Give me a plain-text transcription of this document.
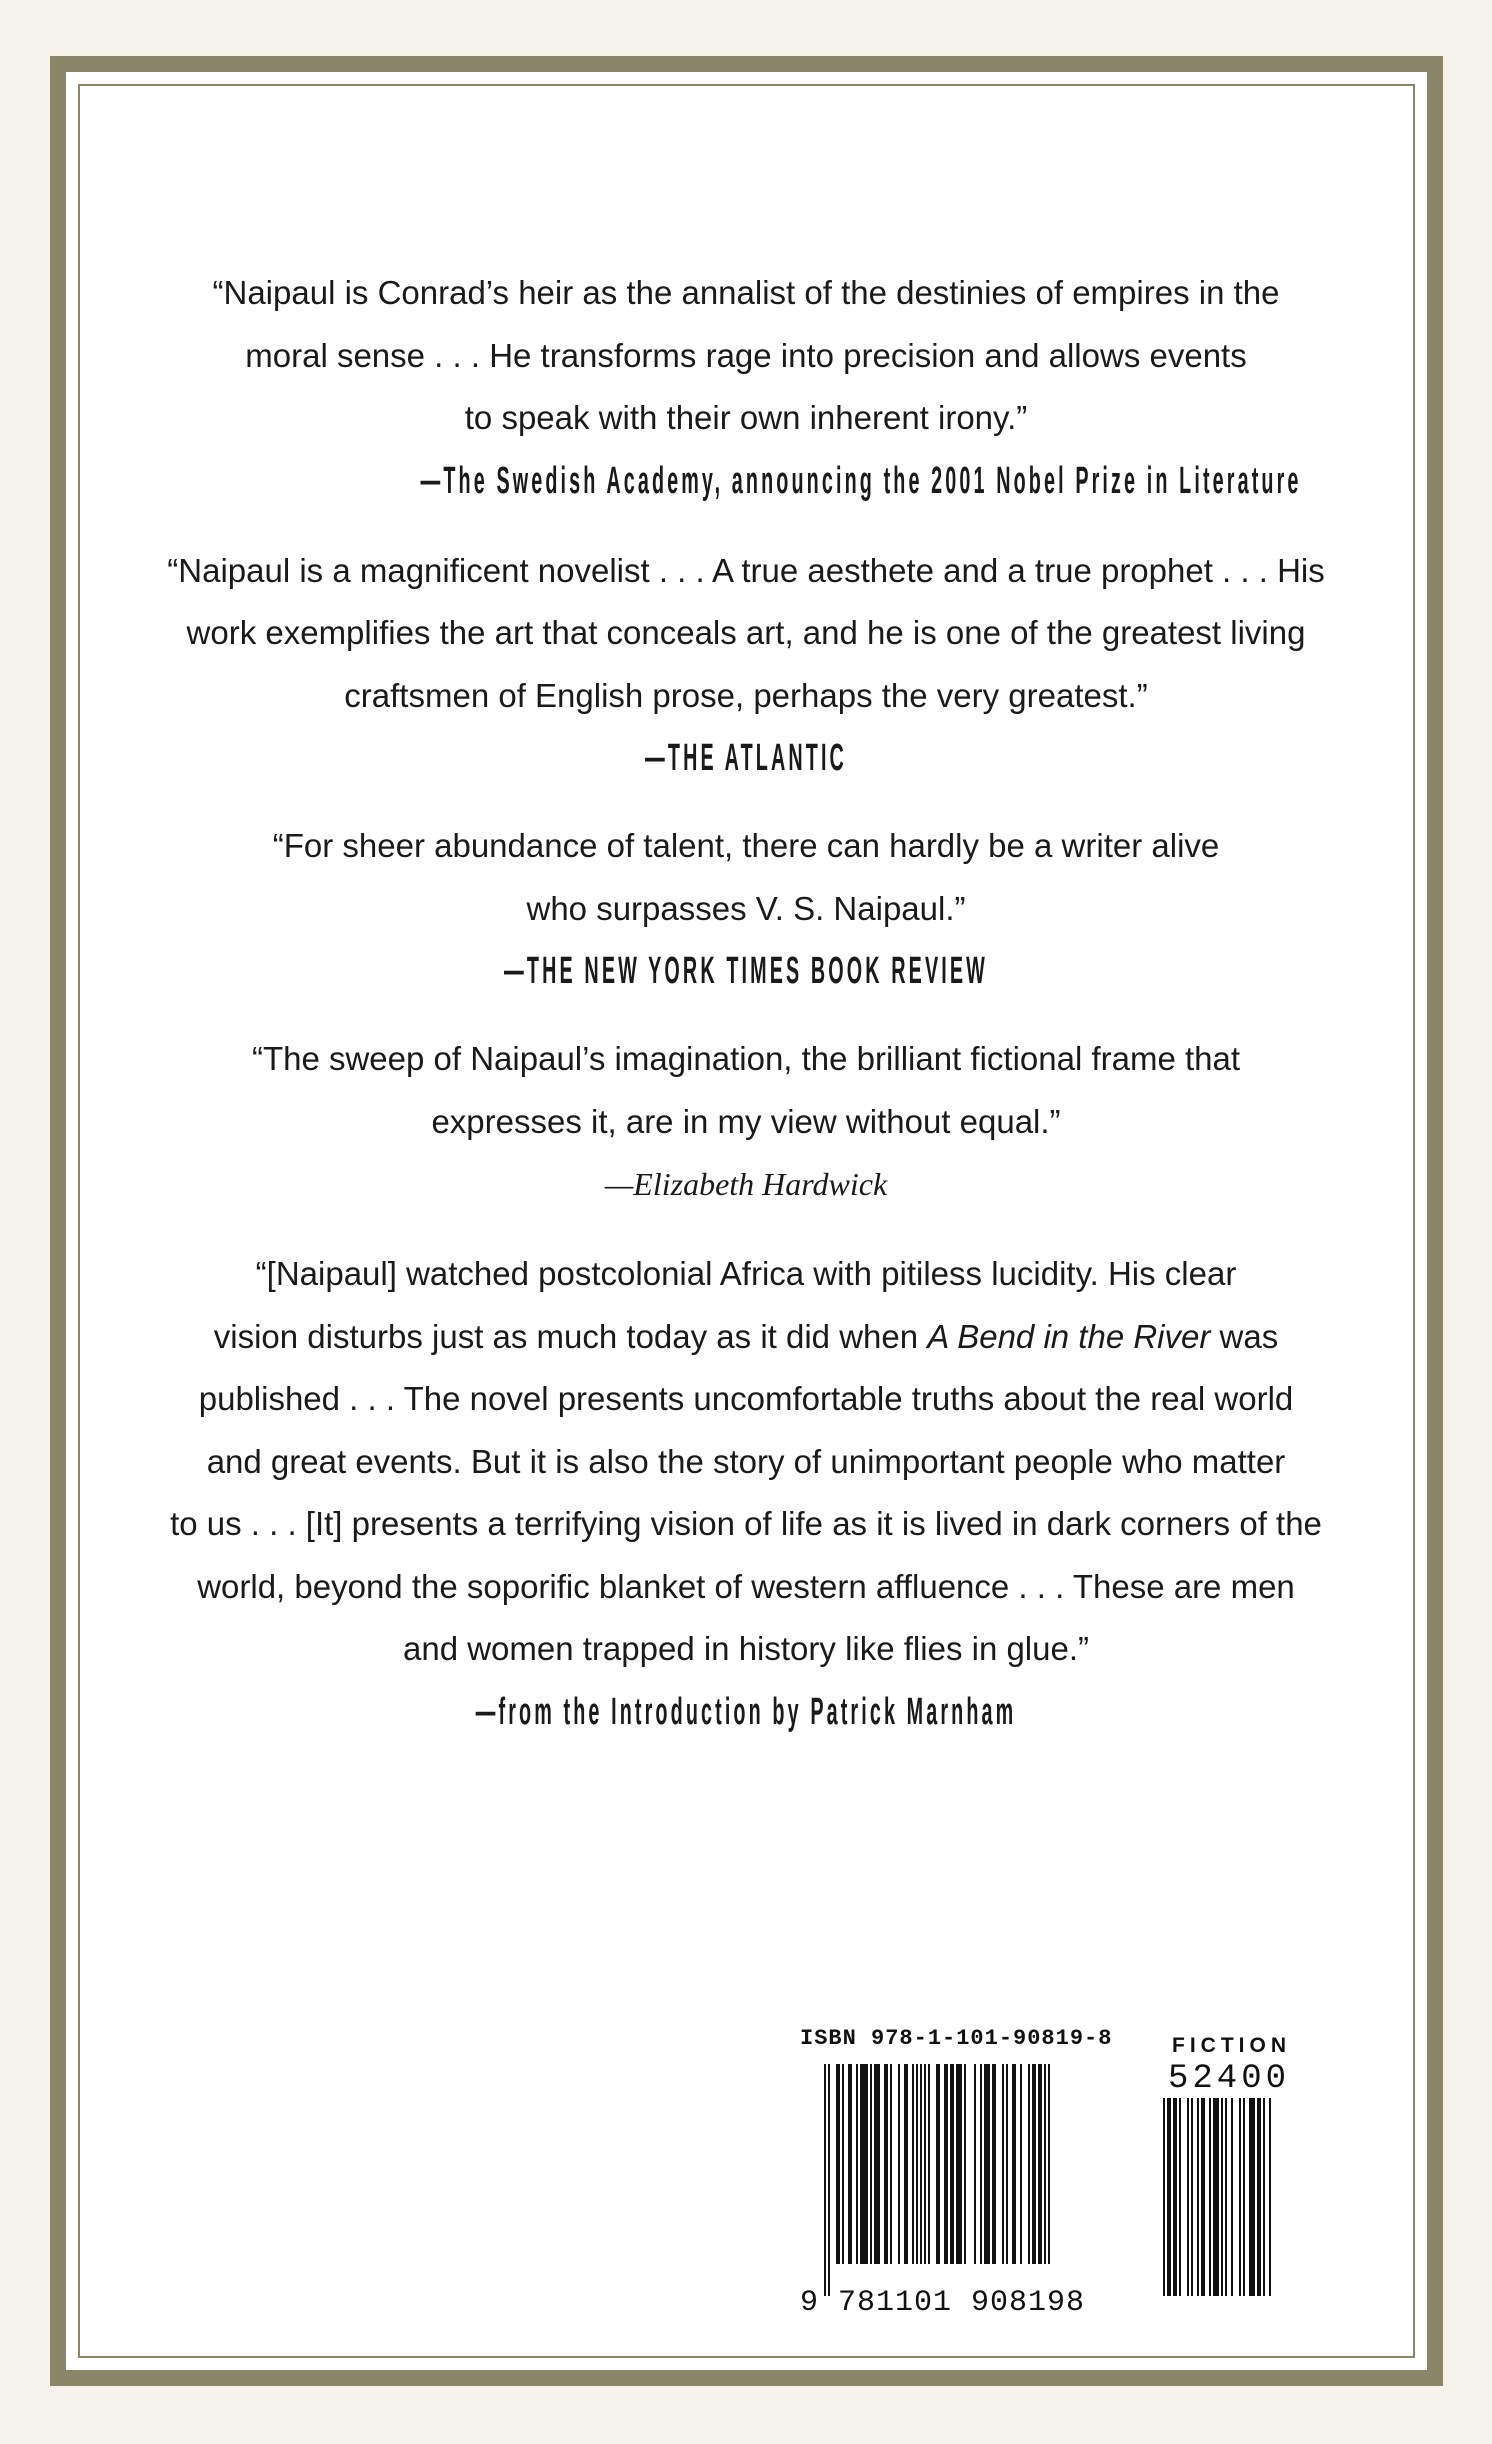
“Naipaul is Conrad’s heir as the annalist of the destinies of empires in the

moral sense . . . He transforms rage into precision and allows events

to speak with their own inherent irony.”

—The Swedish Academy, announcing the 2001 Nobel Prize in Literature

“Naipaul is a magnificent novelist . . . A true aesthete and a true prophet . . . His

work exemplifies the art that conceals art, and he is one of the greatest living

craftsmen of English prose, perhaps the very greatest.”

—THE ATLANTIC

“For sheer abundance of talent, there can hardly be a writer alive

who surpasses V. S. Naipaul.”

—THE NEW YORK TIMES BOOK REVIEW

“The sweep of Naipaul’s imagination, the brilliant fictional frame that

expresses it, are in my view without equal.”

—Elizabeth Hardwick

“[Naipaul] watched postcolonial Africa with pitiless lucidity. His clear

vision disturbs just as much today as it did when A Bend in the River was

published . . . The novel presents uncomfortable truths about the real world

and great events. But it is also the story of unimportant people who matter

to us . . . [It] presents a terrifying vision of life as it is lived in dark corners of the

world, beyond the soporific blanket of western affluence . . . These are men

and women trapped in history like flies in glue.”

—from the Introduction by Patrick Marnham

ISBN 978-1-101-90819-8	FICTION
52400
9 781101 908198
